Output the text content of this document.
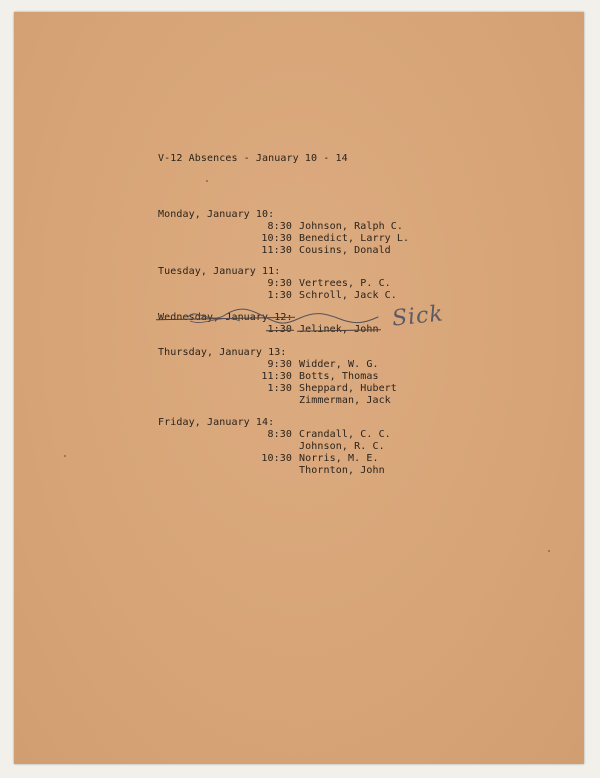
V-12 Absences - January 10 - 14
Monday, January 10:
8:30 Johnson, Ralph C.
10:30 Benedict, Larry L.
11:30 Cousins, Donald
Tuesday, January 11:
9:30 Vertrees, P. C.
1:30 Schroll, Jack C.
Wednesday, January 12:
1:30 Jelinek, John
Thursday, January 13:
9:30 Widder, W. G.
11:30 Botts, Thomas
1:30 Sheppard, Hubert
Zimmerman, Jack
Friday, January 14:
8:30 Crandall, C. C.
Johnson, R. C.
10:30 Norris, M. E.
Thornton, John
Sick
